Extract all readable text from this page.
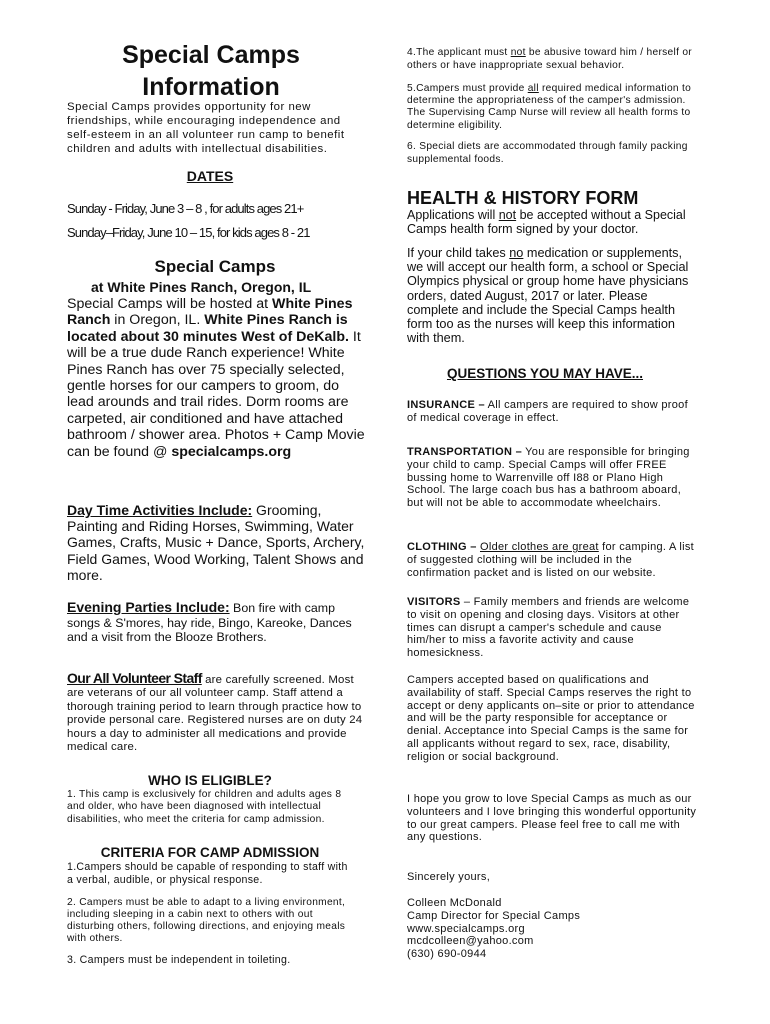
Special Camps
Information

Special Camps provides opportunity for new friendships, while encouraging independence and self-esteem in an all volunteer run camp to benefit children and adults with intellectual disabilities.

DATES
Sunday - Friday, June 3 – 8 , for adults ages 21+
Sunday–Friday, June 10 – 15, for kids ages 8 - 21
Special Camps
at White Pines Ranch, Oregon, IL

Special Camps will be hosted at White Pines Ranch in Oregon, IL. White Pines Ranch is located about 30 minutes West of DeKalb. It will be a true dude Ranch experience! White Pines Ranch has over 75 specially selected, gentle horses for our campers to groom, do lead arounds and trail rides. Dorm rooms are carpeted, air conditioned and have attached bathroom / shower area. Photos + Camp Movie can be found @ specialcamps.org

Day Time Activities Include: Grooming, Painting and Riding Horses, Swimming, Water Games, Crafts, Music + Dance, Sports, Archery, Field Games, Wood Working, Talent Shows and more.

Evening Parties Include: Bon fire with camp songs & S'mores, hay ride, Bingo, Kareoke, Dances and a visit from the Blooze Brothers.

Our All Volunteer Staff are carefully screened. Most are veterans of our all volunteer camp. Staff attend a thorough training period to learn through practice how to provide personal care. Registered nurses are on duty 24 hours a day to administer all medications and provide medical care.

WHO IS ELIGIBLE?

1. This camp is exclusively for children and adults ages 8 and older, who have been diagnosed with intellectual disabilities, who meet the criteria for camp admission.

CRITERIA FOR CAMP ADMISSION

1.Campers should be capable of responding to staff with a verbal, audible, or physical response.

2. Campers must be able to adapt to a living environment, including sleeping in a cabin next to others with out disturbing others, following directions, and enjoying meals with others.

3. Campers must be independent in toileting.

4.The applicant must not be abusive toward him / herself or others or have inappropriate sexual behavior.

5.Campers must provide all required medical information to determine the appropriateness of the camper's admission. The Supervising Camp Nurse will review all health forms to determine eligibility.

6. Special diets are accommodated through family packing supplemental foods.

HEALTH & HISTORY FORM

Applications will not be accepted without a Special Camps health form signed by your doctor.

If your child takes no medication or supplements, we will accept our health form, a school or Special Olympics physical or group home have physicians orders, dated August, 2017 or later. Please complete and include the Special Camps health form too as the nurses will keep this information with them.

QUESTIONS YOU MAY HAVE...

INSURANCE – All campers are required to show proof of medical coverage in effect.

TRANSPORTATION – You are responsible for bringing your child to camp. Special Camps will offer FREE bussing home to Warrenville off I88 or Plano High School. The large coach bus has a bathroom aboard, but will not be able to accommodate wheelchairs.

CLOTHING – Older clothes are great for camping. A list of suggested clothing will be included in the confirmation packet and is listed on our website.

VISITORS – Family members and friends are welcome to visit on opening and closing days. Visitors at other times can disrupt a camper's schedule and cause him/her to miss a favorite activity and cause homesickness.

Campers accepted based on qualifications and availability of staff. Special Camps reserves the right to accept or deny applicants on–site or prior to attendance and will be the party responsible for acceptance or denial. Acceptance into Special Camps is the same for all applicants without regard to sex, race, disability, religion or social background.

I hope you grow to love Special Camps as much as our volunteers and I love bringing this wonderful opportunity to our great campers. Please feel free to call me with any questions.

Sincerely yours,
Colleen McDonald
Camp Director for Special Camps
www.specialcamps.org
mcdcolleen@yahoo.com
(630) 690-0944
